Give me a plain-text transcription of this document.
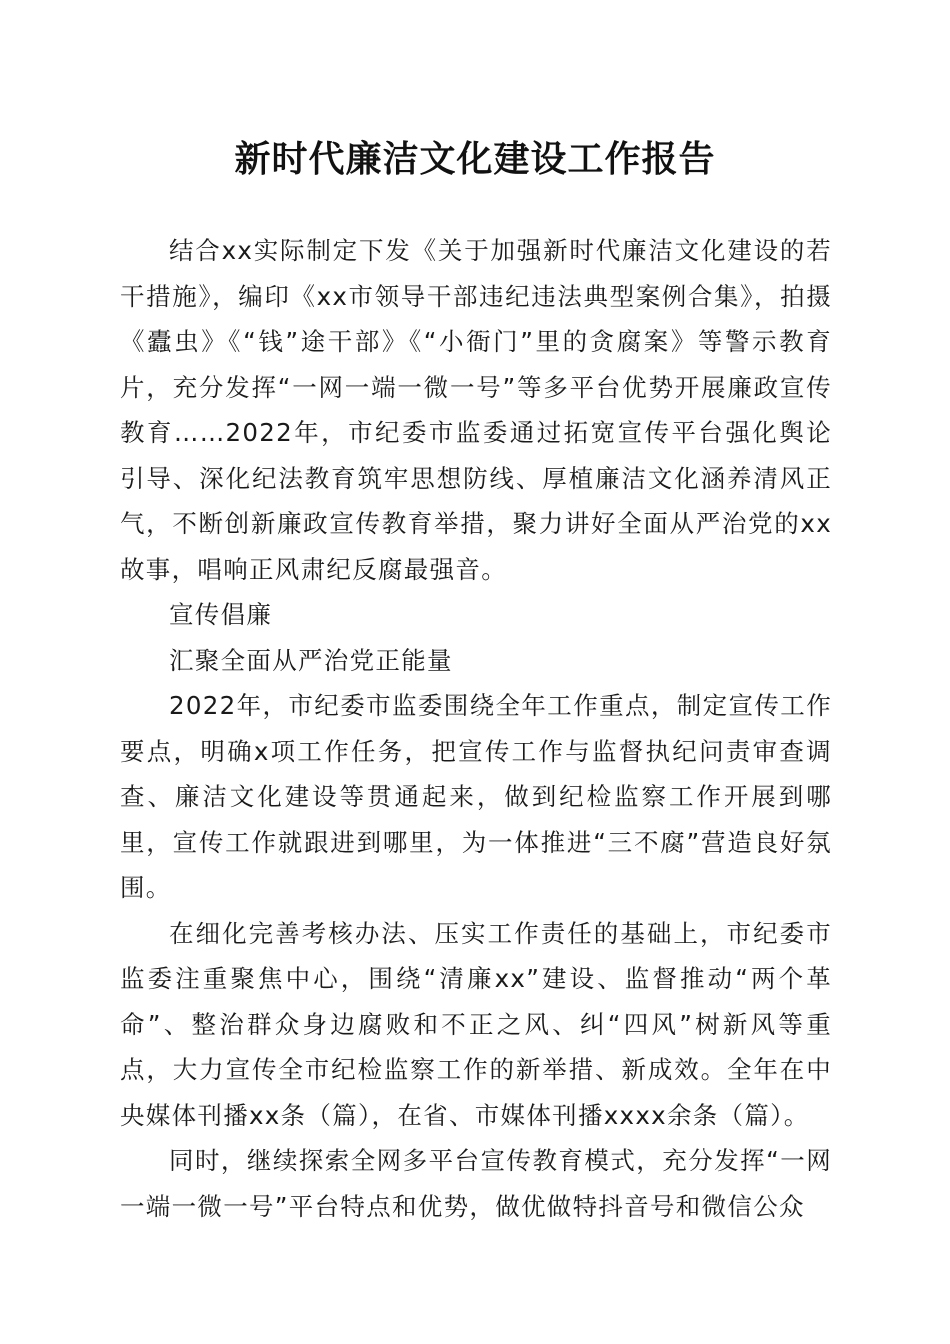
新时代廉洁文化建设工作报告

结合xx实际制定下发《关于加强新时代廉洁文化建设的若干措施》，编印《xx市领导干部违纪违法典型案例合集》，拍摄《蠹虫》《“钱”途干部》《“小衙门”里的贪腐案》等警示教育片，充分发挥“一网一端一微一号”等多平台优势开展廉政宣传教育……2022年，市纪委市监委通过拓宽宣传平台强化舆论引导、深化纪法教育筑牢思想防线、厚植廉洁文化涵养清风正气，不断创新廉政宣传教育举措，聚力讲好全面从严治党的xx故事，唱响正风肃纪反腐最强音。

宣传倡廉

汇聚全面从严治党正能量

2022年，市纪委市监委围绕全年工作重点，制定宣传工作要点，明确x项工作任务，把宣传工作与监督执纪问责审查调查、廉洁文化建设等贯通起来，做到纪检监察工作开展到哪里，宣传工作就跟进到哪里，为一体推进“三不腐”营造良好氛围。

在细化完善考核办法、压实工作责任的基础上，市纪委市监委注重聚焦中心，围绕“清廉xx”建设、监督推动“两个革命”、整治群众身边腐败和不正之风、纠“四风”树新风等重点，大力宣传全市纪检监察工作的新举措、新成效。全年在中央媒体刊播xx条（篇），在省、市媒体刊播xxxx余条（篇）。

同时，继续探索全网多平台宣传教育模式，充分发挥“一网一端一微一号”平台特点和优势，做优做特抖音号和微信公众
